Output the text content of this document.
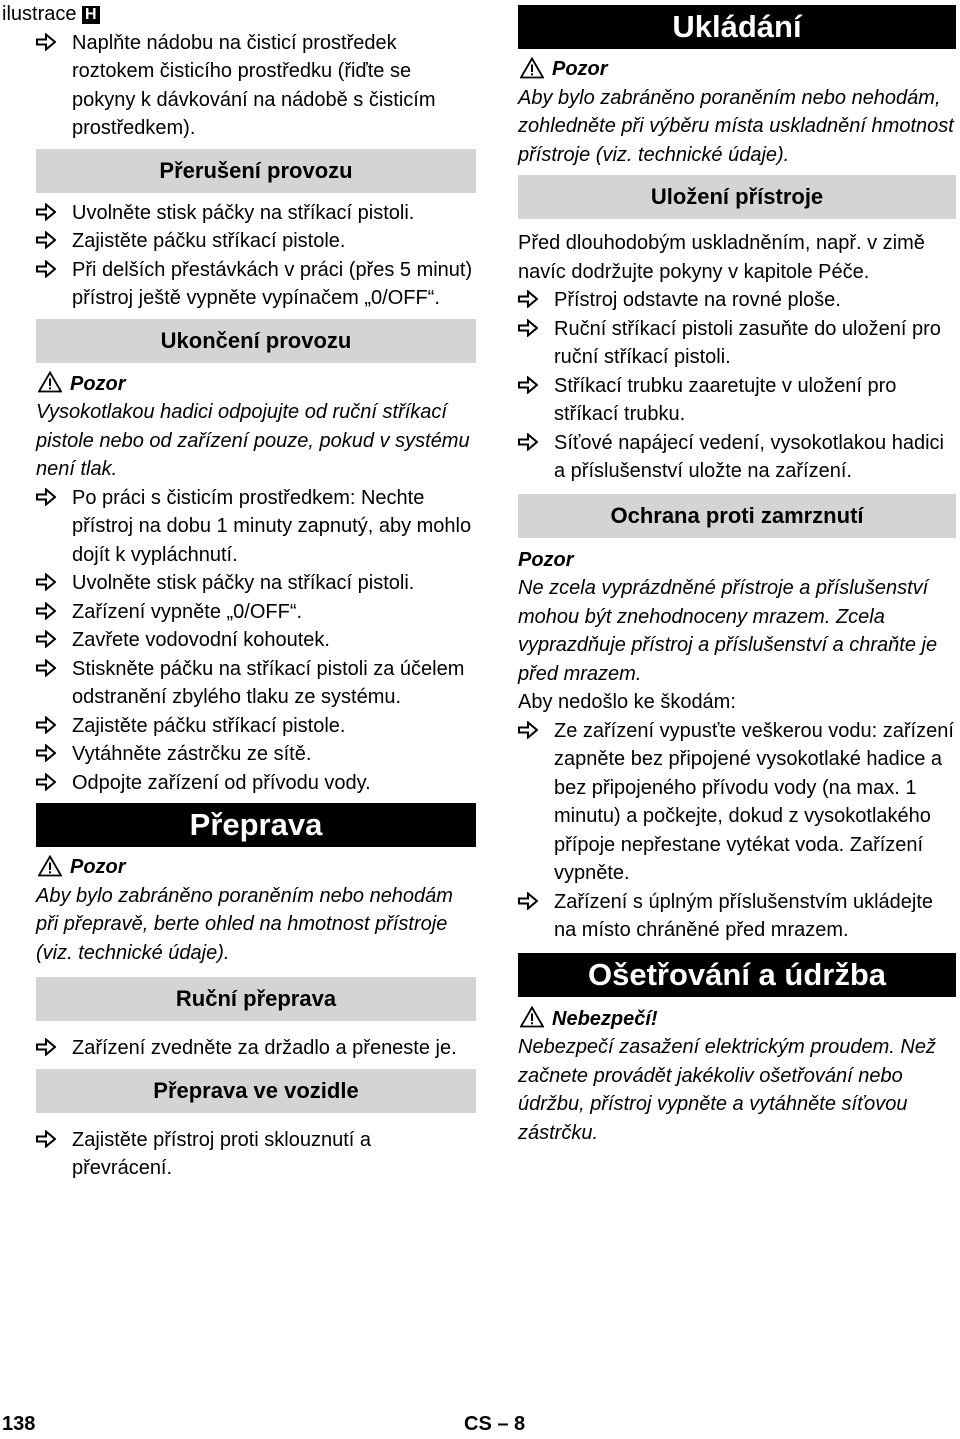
ilustrace H

Naplňte nádobu na čisticí prostředek roztokem čisticího prostředku (řiďte se pokyny k dávkování na nádobě s čisticím prostředkem).

Přerušení provozu

Uvolněte stisk páčky na stříkací pistoli.

Zajistěte páčku stříkací pistole.

Při delších přestávkách v práci (přes 5 minut) přístroj ještě vypněte vypínačem „0/OFF“.

Ukončení provozu

Pozor

Vysokotlakou hadici odpojujte od ruční stříkací pistole nebo od zařízení pouze, pokud v systému není tlak.

Po práci s čisticím prostředkem: Nechte přístroj na dobu 1 minuty zapnutý, aby mohlo dojít k vypláchnutí.

Uvolněte stisk páčky na stříkací pistoli.

Zařízení vypněte „0/OFF“.

Zavřete vodovodní kohoutek.

Stiskněte páčku na stříkací pistoli za účelem odstranění zbylého tlaku ze systému.

Zajistěte páčku stříkací pistole.

Vytáhněte zástrčku ze sítě.

Odpojte zařízení od přívodu vody.

Přeprava

Pozor

Aby bylo zabráněno poraněním nebo nehodám při přepravě, berte ohled na hmotnost přístroje (viz. technické údaje).

Ruční přeprava

Zařízení zvedněte za držadlo a přeneste je.

Přeprava ve vozidle

Zajistěte přístroj proti sklouznutí a převrácení.

Ukládání

Pozor

Aby bylo zabráněno poraněním nebo nehodám, zohledněte při výběru místa uskladnění hmotnost přístroje (viz. technické údaje).

Uložení přístroje

Před dlouhodobým uskladněním, např. v zimě navíc dodržujte pokyny v kapitole Péče.

Přístroj odstavte na rovné ploše.

Ruční stříkací pistoli zasuňte do uložení pro ruční stříkací pistoli.

Stříkací trubku zaaretujte v uložení pro stříkací trubku.

Síťové napájecí vedení, vysokotlakou hadici a příslušenství uložte na zařízení.

Ochrana proti zamrznutí

Pozor

Ne zcela vyprázdněné přístroje a příslušenství mohou být znehodnoceny mrazem. Zcela vyprazdňuje přístroj a příslušenství a chraňte je před mrazem.

Aby nedošlo ke škodám:

Ze zařízení vypusťte veškerou vodu: zařízení zapněte bez připojené vysokotlaké hadice a bez připojeného přívodu vody (na max. 1 minutu) a počkejte, dokud z vysokotlakého přípoje nepřestane vytékat voda. Zařízení vypněte.

Zařízení s úplným příslušenstvím ukládejte na místo chráněné před mrazem.

Ošetřování a údržba

Nebezpečí!

Nebezpečí zasažení elektrickým proudem. Než začnete provádět jakékoliv ošetřování nebo údržbu, přístroj vypněte a vytáhněte síťovou zástrčku.

138	CS – 8
